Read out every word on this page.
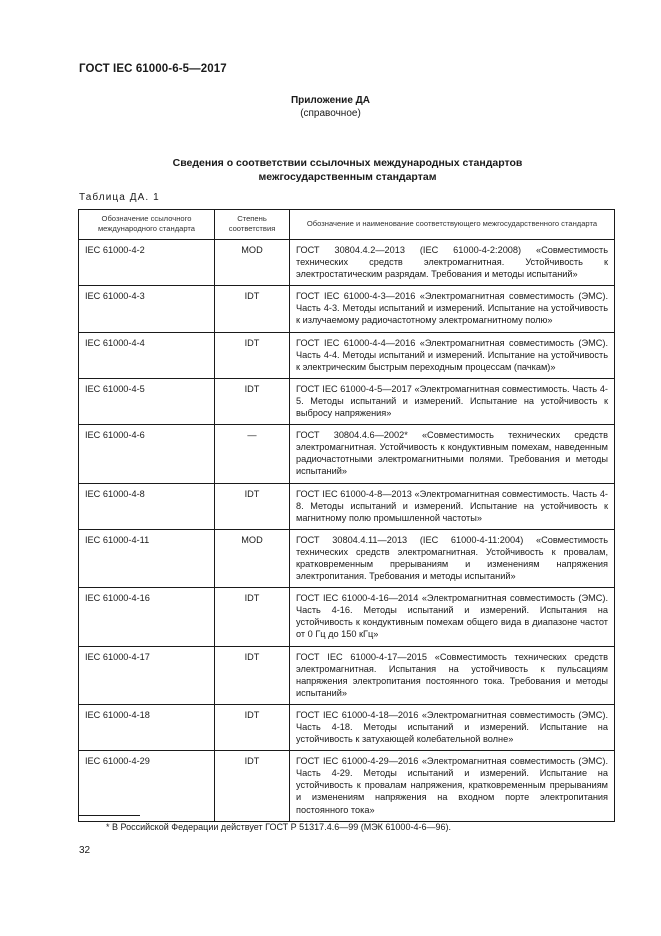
ГОСТ IEC 61000-6-5—2017
Приложение ДА
(справочное)
Сведения о соответствии ссылочных международных стандартов
межгосударственным стандартам
Таблица ДА. 1
Обозначение ссылочного международного стандарта	Степень соответствия	Обозначение и наименование соответствующего межгосударственного стандарта
IEC 61000-4-2	MOD	ГОСТ 30804.4.2—2013 (IEC 61000-4-2:2008) «Совместимость технических средств электромагнитная. Устойчивость к электростатическим разрядам. Требования и методы испытаний»
IEC 61000-4-3	IDT	ГОСТ IEC 61000-4-3—2016 «Электромагнитная совместимость (ЭМС). Часть 4-3. Методы испытаний и измерений. Испытание на устойчивость к излучаемому радиочастотному электромагнитному полю»
IEC 61000-4-4	IDT	ГОСТ IEC 61000-4-4—2016 «Электромагнитная совместимость (ЭМС). Часть 4-4. Методы испытаний и измерений. Испытание на устойчивость к электрическим быстрым переходным процессам (пачкам)»
IEC 61000-4-5	IDT	ГОСТ IEC 61000-4-5—2017 «Электромагнитная совместимость. Часть 4-5. Методы испытаний и измерений. Испытание на устойчивость к выбросу напряжения»
IEC 61000-4-6	—	ГОСТ 30804.4.6—2002* «Совместимость технических средств электромагнитная. Устойчивость к кондуктивным помехам, наведенным радиочастотными электромагнитными полями. Требования и методы испытаний»
IEC 61000-4-8	IDT	ГОСТ IEC 61000-4-8—2013 «Электромагнитная совместимость. Часть 4-8. Методы испытаний и измерений. Испытание на устойчивость к магнитному полю промышленной частоты»
IEC 61000-4-11	MOD	ГОСТ 30804.4.11—2013 (IEC 61000-4-11:2004) «Совместимость технических средств электромагнитная. Устойчивость к провалам, кратковременным прерываниям и изменениям напряжения электропитания. Требования и методы испытаний»
IEC 61000-4-16	IDT	ГОСТ IEC 61000-4-16—2014 «Электромагнитная совместимость (ЭМС). Часть 4-16. Методы испытаний и измерений. Испытания на устойчивость к кондуктивным помехам общего вида в диапазоне частот от 0 Гц до 150 кГц»
IEC 61000-4-17	IDT	ГОСТ IEC 61000-4-17—2015 «Совместимость технических средств электромагнитная. Испытания на устойчивость к пульсациям напряжения электропитания постоянного тока. Требования и методы испытаний»
IEC 61000-4-18	IDT	ГОСТ IEC 61000-4-18—2016 «Электромагнитная совместимость (ЭМС). Часть 4-18. Методы испытаний и измерений. Испытание на устойчивость к затухающей колебательной волне»
IEC 61000-4-29	IDT	ГОСТ IEC 61000-4-29—2016 «Электромагнитная совместимость (ЭМС). Часть 4-29. Методы испытаний и измерений. Испытание на устойчивость к провалам напряжения, кратковременным прерываниям и изменениям напряжения на входном порте электропитания постоянного тока»
* В Российской Федерации действует ГОСТ Р 51317.4.6—99 (МЭК 61000-4-6—96).
32
